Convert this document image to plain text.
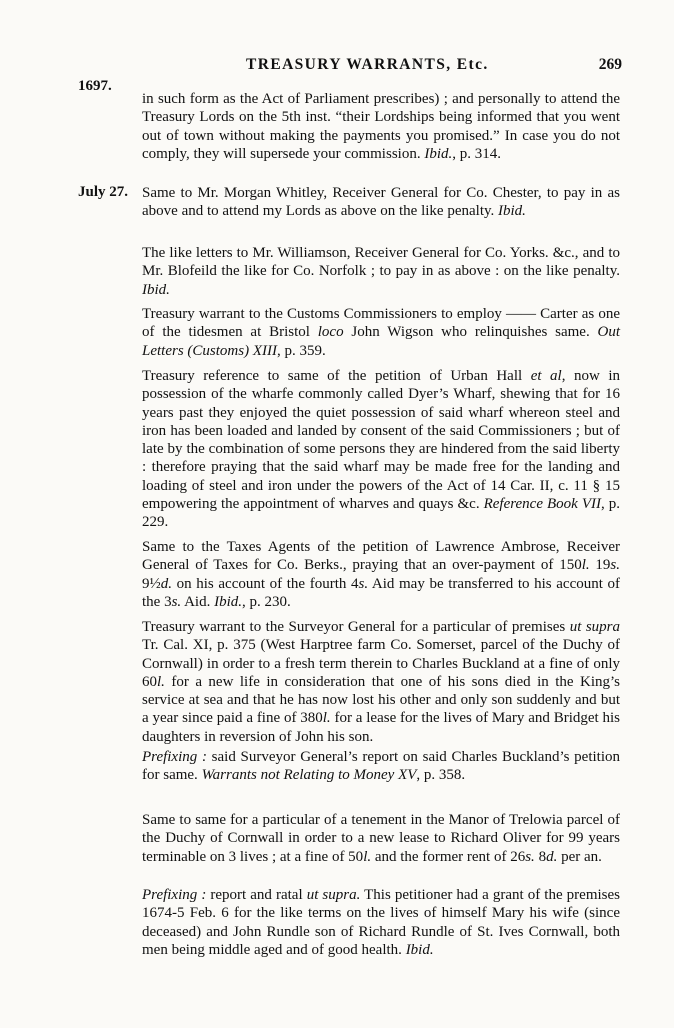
TREASURY WARRANTS, Etc.	269
1697.
July 27.

in such form as the Act of Parliament prescribes) ; and personally to attend the Treasury Lords on the 5th inst. “their Lordships being informed that you went out of town without making the payments you promised.” In case you do not comply, they will supersede your commission. Ibid., p. 314.

Same to Mr. Morgan Whitley, Receiver General for Co. Chester, to pay in as above and to attend my Lords as above on the like penalty. Ibid.

The like letters to Mr. Williamson, Receiver General for Co. Yorks. &c., and to Mr. Blofeild the like for Co. Norfolk ; to pay in as above : on the like penalty. Ibid.

Treasury warrant to the Customs Commissioners to employ —— Carter as one of the tidesmen at Bristol loco John Wigson who relinquishes same. Out Letters (Customs) XIII, p. 359.

Treasury reference to same of the petition of Urban Hall et al, now in possession of the wharfe commonly called Dyer’s Wharf, shewing that for 16 years past they enjoyed the quiet possession of said wharf whereon steel and iron has been loaded and landed by consent of the said Commissioners ; but of late by the combination of some persons they are hindered from the said liberty : therefore praying that the said wharf may be made free for the landing and loading of steel and iron under the powers of the Act of 14 Car. II, c. 11 § 15 empowering the appointment of wharves and quays &c. Reference Book VII, p. 229.

Same to the Taxes Agents of the petition of Lawrence Ambrose, Receiver General of Taxes for Co. Berks., praying that an over-payment of 150l. 19s. 9½d. on his account of the fourth 4s. Aid may be transferred to his account of the 3s. Aid. Ibid., p. 230.

Treasury warrant to the Surveyor General for a particular of premises ut supra Tr. Cal. XI, p. 375 (West Harptree farm Co. Somerset, parcel of the Duchy of Cornwall) in order to a fresh term therein to Charles Buckland at a fine of only 60l. for a new life in consideration that one of his sons died in the King’s service at sea and that he has now lost his other and only son suddenly and but a year since paid a fine of 380l. for a lease for the lives of Mary and Bridget his daughters in reversion of John his son.

Prefixing : said Surveyor General’s report on said Charles Buckland’s petition for same. Warrants not Relating to Money XV, p. 358.

Same to same for a particular of a tenement in the Manor of Trelowia parcel of the Duchy of Cornwall in order to a new lease to Richard Oliver for 99 years terminable on 3 lives ; at a fine of 50l. and the former rent of 26s. 8d. per an.

Prefixing : report and ratal ut supra. This petitioner had a grant of the premises 1674-5 Feb. 6 for the like terms on the lives of himself Mary his wife (since deceased) and John Rundle son of Richard Rundle of St. Ives Cornwall, both men being middle aged and of good health. Ibid.
